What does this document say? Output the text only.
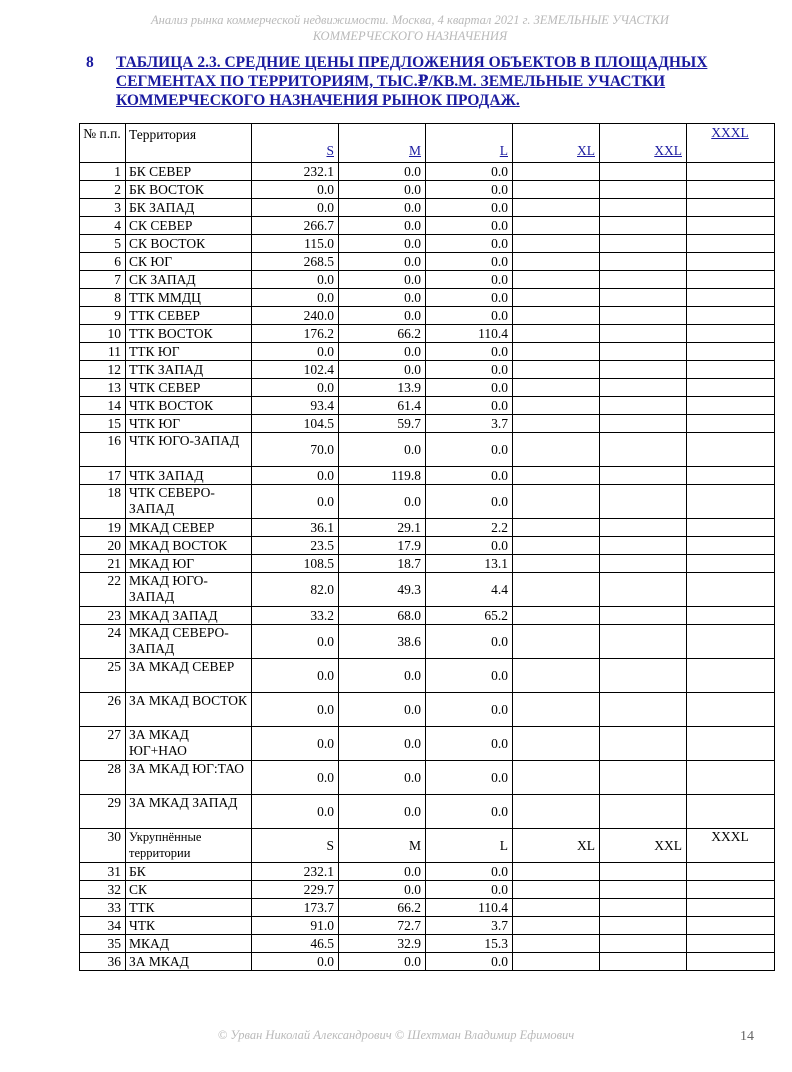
Анализ рынка коммерческой недвижимости. Москва, 4 квартал 2021 г. ЗЕМЕЛЬНЫЕ УЧАСТКИ
КОММЕРЧЕСКОГО НАЗНАЧЕНИЯ
8 ТАБЛИЦА 2.3. СРЕДНИЕ ЦЕНЫ ПРЕДЛОЖЕНИЯ ОБЪЕКТОВ В ПЛОЩАДНЫХ СЕГМЕНТАХ ПО ТЕРРИТОРИЯМ, ТЫС.₽/КВ.М. ЗЕМЕЛЬНЫЕ УЧАСТКИ КОММЕРЧЕСКОГО НАЗНАЧЕНИЯ РЫНОК ПРОДАЖ.
№ п.п.	Территория	S	M	L	XL	XXL	XXXL
1	БК СЕВЕР	232.1	0.0	0.0			
2	БК ВОСТОК	0.0	0.0	0.0			
3	БК ЗАПАД	0.0	0.0	0.0			
4	СК СЕВЕР	266.7	0.0	0.0			
5	СК ВОСТОК	115.0	0.0	0.0			
6	СК ЮГ	268.5	0.0	0.0			
7	СК ЗАПАД	0.0	0.0	0.0			
8	ТТК ММДЦ	0.0	0.0	0.0			
9	ТТК СЕВЕР	240.0	0.0	0.0			
10	ТТК ВОСТОК	176.2	66.2	110.4			
11	ТТК ЮГ	0.0	0.0	0.0			
12	ТТК ЗАПАД	102.4	0.0	0.0			
13	ЧТК СЕВЕР	0.0	13.9	0.0			
14	ЧТК ВОСТОК	93.4	61.4	0.0			
15	ЧТК ЮГ	104.5	59.7	3.7			
16	ЧТК ЮГО-ЗАПАД	70.0	0.0	0.0			
17	ЧТК ЗАПАД	0.0	119.8	0.0			
18	ЧТК СЕВЕРО-ЗАПАД	0.0	0.0	0.0			
19	МКАД СЕВЕР	36.1	29.1	2.2			
20	МКАД ВОСТОК	23.5	17.9	0.0			
21	МКАД ЮГ	108.5	18.7	13.1			
22	МКАД ЮГО-ЗАПАД	82.0	49.3	4.4			
23	МКАД ЗАПАД	33.2	68.0	65.2			
24	МКАД СЕВЕРО-ЗАПАД	0.0	38.6	0.0			
25	ЗА МКАД СЕВЕР	0.0	0.0	0.0			
26	ЗА МКАД ВОСТОК	0.0	0.0	0.0			
27	ЗА МКАД ЮГ+НАО	0.0	0.0	0.0			
28	ЗА МКАД ЮГ:ТАО	0.0	0.0	0.0			
29	ЗА МКАД ЗАПАД	0.0	0.0	0.0			
30	Укрупнённые территории	S	M	L	XL	XXL	XXXL
31	БК	232.1	0.0	0.0			
32	СК	229.7	0.0	0.0			
33	ТТК	173.7	66.2	110.4			
34	ЧТК	91.0	72.7	3.7			
35	МКАД	46.5	32.9	15.3			
36	ЗА МКАД	0.0	0.0	0.0			
© Урван Николай Александрович © Шехтман Владимир Ефимович	14
